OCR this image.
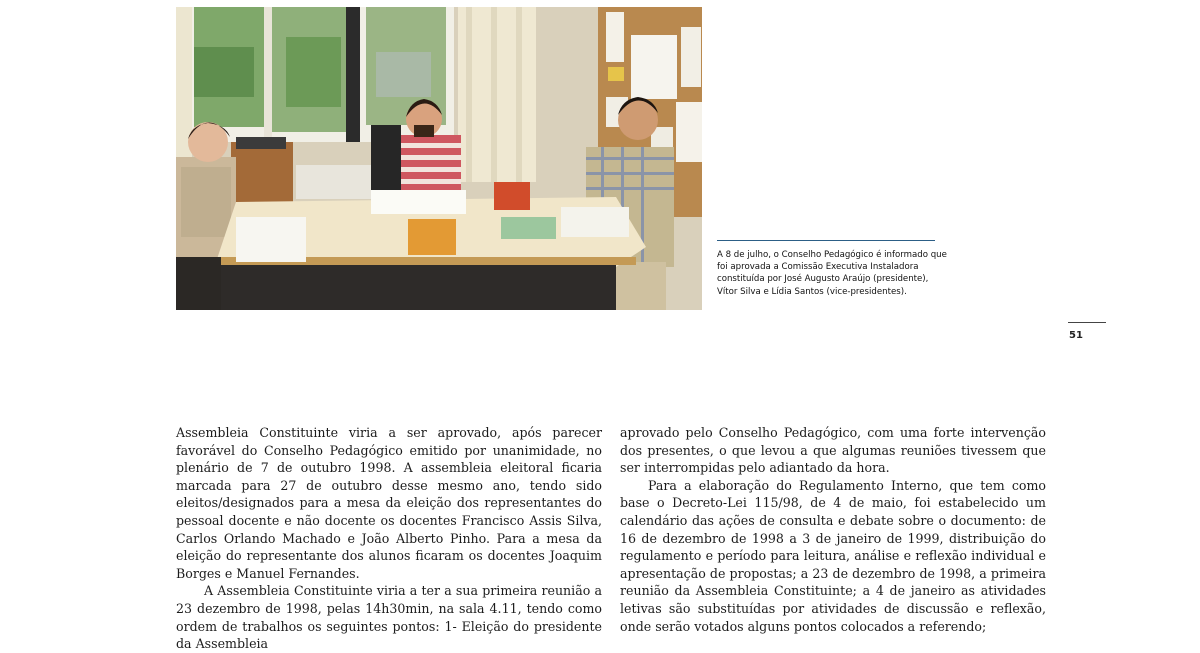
A 8 de julho, o Conselho Pedagógico é informado que foi aprovada a Comissão Executiva Instaladora constituída por José Augusto Araújo (presidente), Vítor Silva e Lídia Santos (vice-presidentes).
51

Assembleia Constituinte viria a ser aprovado, após parecer favorável do Conselho Pedagógico emitido por unanimidade, no plenário de 7 de outubro 1998. A assembleia eleitoral ficaria marcada para 27 de outubro desse mesmo ano, tendo sido eleitos/designados para a mesa da eleição dos representantes do pessoal docente e não docente os docentes Francisco Assis Silva, Carlos Orlando Machado e João Alberto Pinho. Para a mesa da eleição do representante dos alunos ficaram os docentes Joaquim Borges e Manuel Fernandes.

A Assembleia Constituinte viria a ter a sua primeira reunião a 23 dezembro de 1998, pelas 14h30min, na sala 4.11, tendo como ordem de trabalhos os seguintes pontos: 1- Eleição do presidente da Assembleia

aprovado pelo Conselho Pedagógico, com uma forte intervenção dos presentes, o que levou a que algumas reuniões tivessem que ser interrompidas pelo adiantado da hora.

Para a elaboração do Regulamento Interno, que tem como base o Decreto-Lei 115/98, de 4 de maio, foi estabelecido um calendário das ações de consulta e debate sobre o documento: de 16 de dezembro de 1998 a 3 de janeiro de 1999, distribuição do regulamento e período para leitura, análise e reflexão individual e apresentação de propostas; a 23 de dezembro de 1998, a primeira reunião da Assembleia Constituinte; a 4 de janeiro as atividades letivas são substituídas por atividades de discussão e reflexão, onde serão votados alguns pontos colocados a referendo;
